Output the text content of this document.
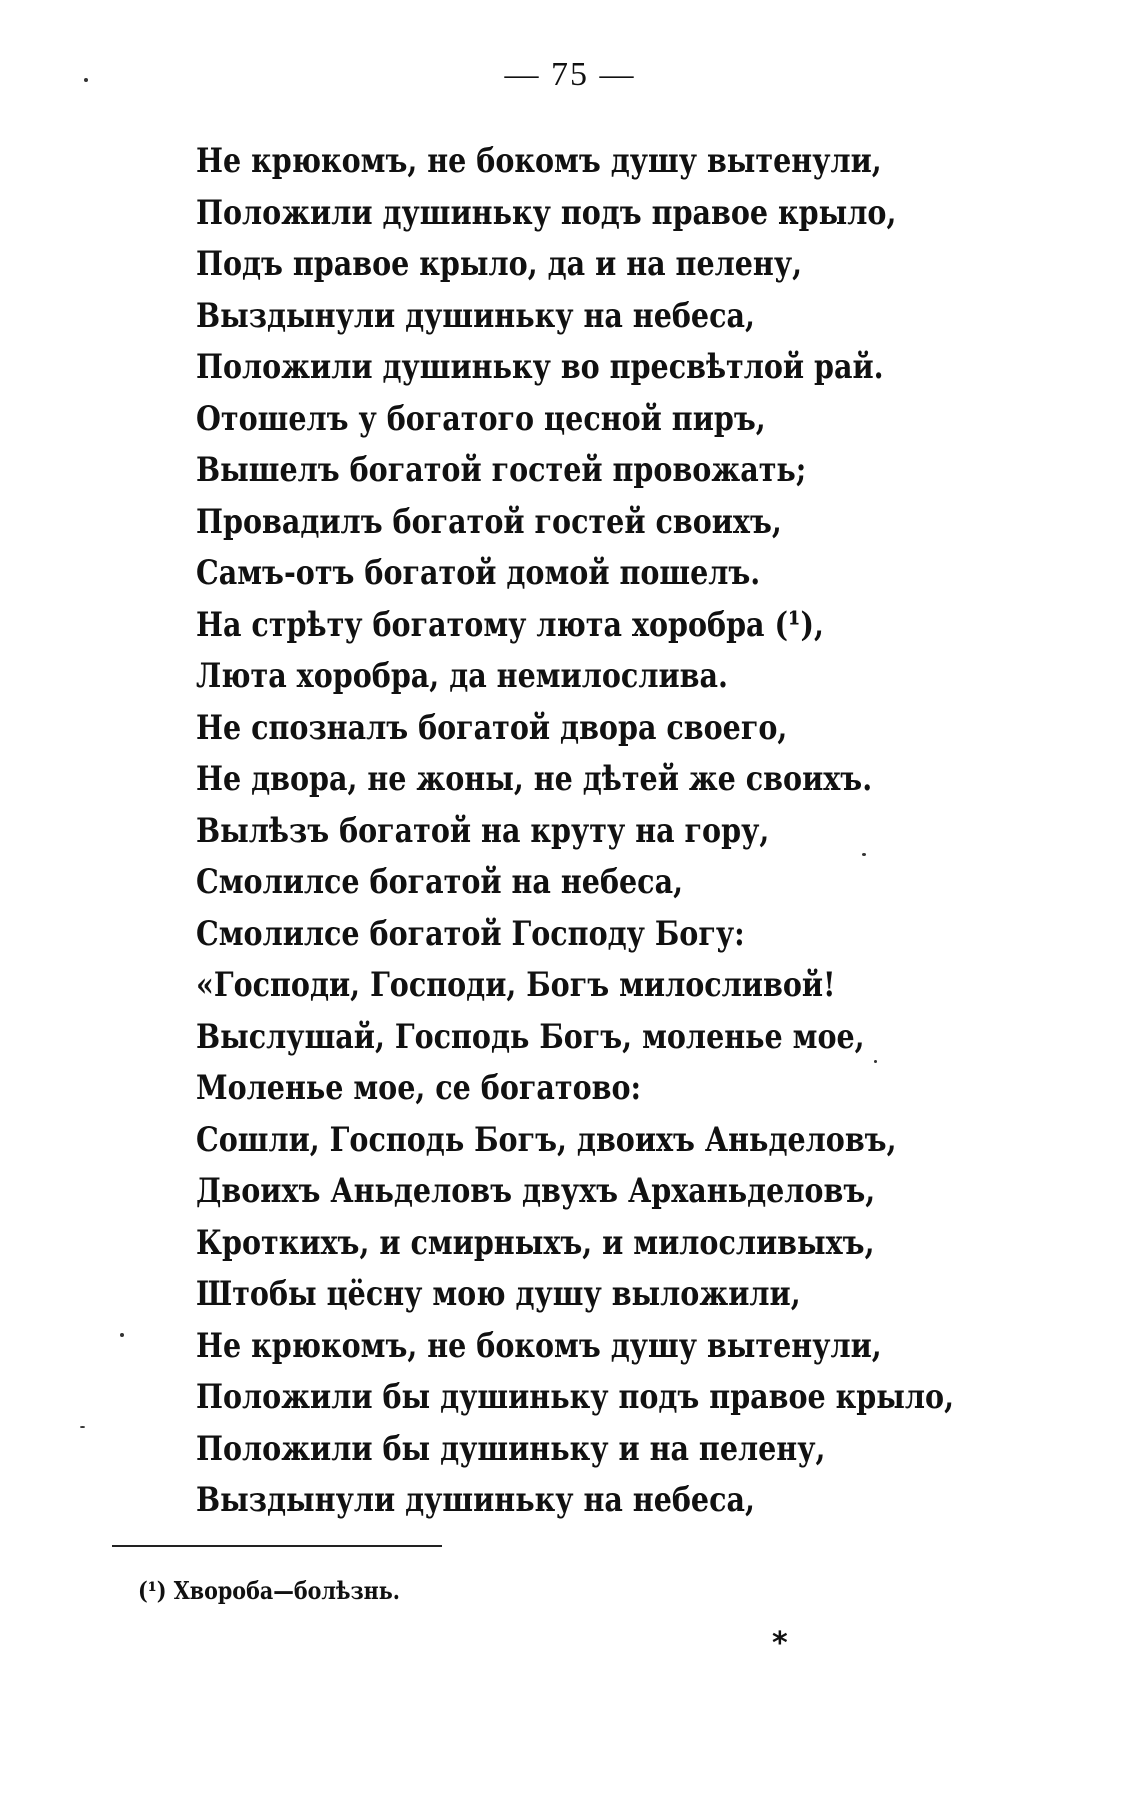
— 75 —
Не крюкомъ, не бокомъ душу вытенули,
Положили душиньку подъ правое крыло,
Подъ правое крыло, да и на пелену,
Выздынули душиньку на небеса,
Положили душиньку во пресвѣтлой рай.
Отошелъ у богатого цесной пиръ,
Вышелъ богатой гостей провожать;
Провадилъ богатой гостей своихъ,
Самъ-отъ богатой домой пошелъ.
На стрѣту богатому люта хоробра (¹),
Люта хоробра, да немилослива.
Не спозналъ богатой двора своего,
Не двора, не жоны, не дѣтей же своихъ.
Вылѣзъ богатой на круту на гору,
Смолилсе богатой на небеса,
Смолилсе богатой Господу Богу:
«Господи, Господи, Богъ милосливой!
Выслушай, Господь Богъ, моленье мое,
Моленье мое, се богатово:
Сошли, Господь Богъ, двоихъ Аньделовъ,
Двоихъ Аньделовъ двухъ Арханьделовъ,
Кроткихъ, и смирныхъ, и милосливыхъ,
Штобы цёсну мою душу выложили,
Не крюкомъ, не бокомъ душу вытенули,
Положили бы душиньку подъ правое крыло,
Положили бы душиньку и на пелену,
Выздынули душиньку на небеса,
(¹) Хвороба—болѣзнь.
*
